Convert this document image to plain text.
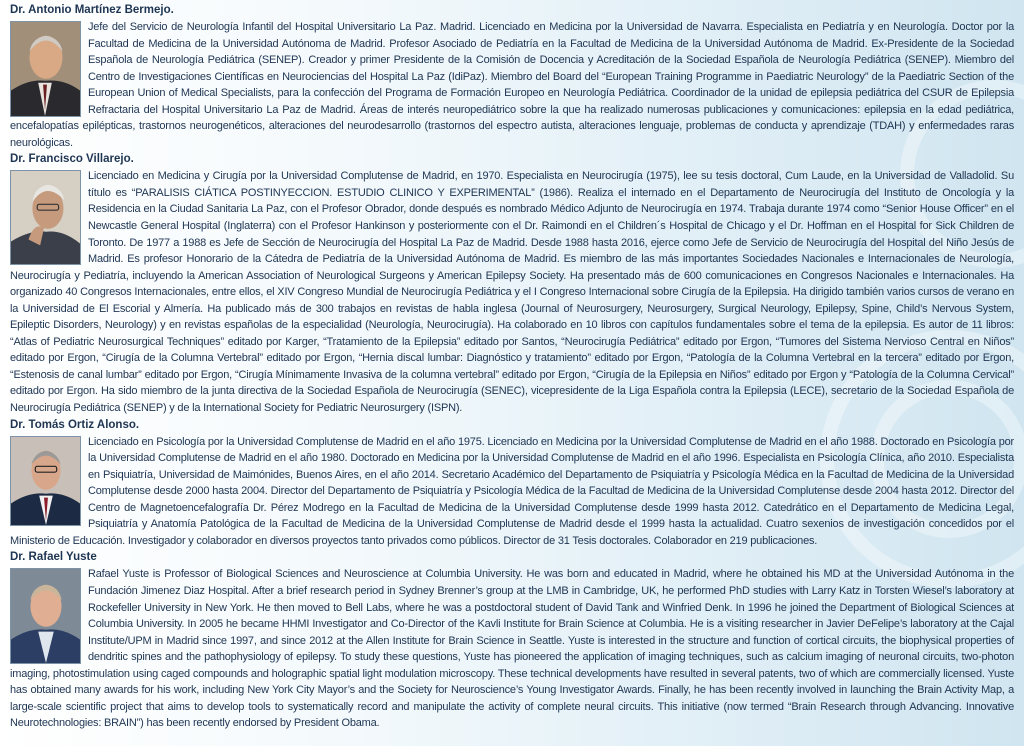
Dr. Antonio Martínez Bermejo.
Jefe del Servicio de Neurología Infantil del Hospital Universitario La Paz. Madrid. Licenciado en Medicina por la Universidad de Navarra. Especialista en Pediatría y en Neurología. Doctor por la Facultad de Medicina de la Universidad Autónoma de Madrid. Profesor Asociado de Pediatría en la Facultad de Medicina de la Universidad Autónoma de Madrid. Ex-Presidente de la Sociedad Española de Neurología Pediátrica (SENEP). Creador y primer Presidente de la Comisión de Docencia y Acreditación de la Sociedad Española de Neurología Pediátrica (SENEP). Miembro del Centro de Investigaciones Científicas en Neurociencias del Hospital La Paz (IdiPaz). Miembro del Board del “European Training Programme in Paediatric Neurology” de la Paediatric Section of the European Union of Medical Specialists, para la confección del Programa de Formación Europeo en Neurología Pediátrica. Coordinador de la unidad de epilepsia pediátrica del CSUR de Epilepsia Refractaria del Hospital Universitario La Paz de Madrid. Áreas de interés neuropediátrico sobre la que ha realizado numerosas publicaciones y comunicaciones: epilepsia en la edad pediátrica, encefalopatías epilépticas, trastornos neurogenéticos, alteraciones del neurodesarrollo (trastornos del espectro autista, alteraciones lenguaje, problemas de conducta y aprendizaje (TDAH) y enfermedades raras neurológicas.
Dr. Francisco Villarejo.
Licenciado en Medicina y Cirugía por la Universidad Complutense de Madrid, en 1970. Especialista en Neurocirugía (1975), lee su tesis doctoral, Cum Laude, en la Universidad de Valladolid. Su título es “PARALISIS CIÁTICA POSTINYECCION. ESTUDIO CLINICO Y EXPERIMENTAL” (1986). Realiza el internado en el Departamento de Neurocirugía del Instituto de Oncología y la Residencia en la Ciudad Sanitaria La Paz, con el Profesor Obrador, donde después es nombrado Médico Adjunto de Neurocirugía en 1974. Trabaja durante 1974 como “Senior House Officer” en el Newcastle General Hospital (Inglaterra) con el Profesor Hankinson y posteriormente con el Dr. Raimondi en el Children´s Hospital de Chicago y el Dr. Hoffman en el Hospital for Sick Children de Toronto. De 1977 a 1988 es Jefe de Sección de Neurocirugía del Hospital La Paz de Madrid. Desde 1988 hasta 2016, ejerce como Jefe de Servicio de Neurocirugía del Hospital del Niño Jesús de Madrid. Es profesor Honorario de la Cátedra de Pediatría de la Universidad Autónoma de Madrid. Es miembro de las más importantes Sociedades Nacionales e Internacionales de Neurología, Neurocirugía y Pediatría, incluyendo la American Association of Neurological Surgeons y American Epilepsy Society. Ha presentado más de 600 comunicaciones en Congresos Nacionales e Internacionales. Ha organizado 40 Congresos Internacionales, entre ellos, el XIV Congreso Mundial de Neurocirugía Pediátrica y el I Congreso Internacional sobre Cirugía de la Epilepsia. Ha dirigido también varios cursos de verano en la Universidad de El Escorial y Almería. Ha publicado más de 300 trabajos en revistas de habla inglesa (Journal of Neurosurgery, Neurosurgery, Surgical Neurology, Epilepsy, Spine, Child’s Nervous System, Epileptic Disorders, Neurology) y en revistas españolas de la especialidad (Neurología, Neurocirugía). Ha colaborado en 10 libros con capítulos fundamentales sobre el tema de la epilepsia. Es autor de 11 libros: “Atlas of Pediatric Neurosurgical Techniques” editado por Karger, “Tratamiento de la Epilepsia” editado por Santos, “Neurocirugía Pediátrica” editado por Ergon, “Tumores del Sistema Nervioso Central en Niños” editado por Ergon, “Cirugía de la Columna Vertebral” editado por Ergon, “Hernia discal lumbar: Diagnóstico y tratamiento” editado por Ergon, “Patología de la Columna Vertebral en la tercera” editado por Ergon, “Estenosis de canal lumbar” editado por Ergon, “Cirugía Mínimamente Invasiva de la columna vertebral” editado por Ergon, “Cirugía de la Epilepsia en Niños” editado por Ergon y “Patología de la Columna Cervical” editado por Ergon. Ha sido miembro de la junta directiva de la Sociedad Española de Neurocirugía (SENEC), vicepresidente de la Liga Española contra la Epilepsia (LECE), secretario de la Sociedad Española de Neurocirugía Pediátrica (SENEP) y de la International Society for Pediatric Neurosurgery (ISPN).
Dr. Tomás Ortiz Alonso.
Licenciado en Psicología por la Universidad Complutense de Madrid en el año 1975. Licenciado en Medicina por la Universidad Complutense de Madrid en el año 1988. Doctorado en Psicología por la Universidad Complutense de Madrid en el año 1980. Doctorado en Medicina por la Universidad Complutense de Madrid en el año 1996. Especialista en Psicología Clínica, año 2010. Especialista en Psiquiatría, Universidad de Maimónides, Buenos Aires, en el año 2014. Secretario Académico del Departamento de Psiquiatría y Psicología Médica en la Facultad de Medicina de la Universidad Complutense desde 2000 hasta 2004. Director del Departamento de Psiquiatría y Psicología Médica de la Facultad de Medicina de la Universidad Complutense desde 2004 hasta 2012. Director del Centro de Magnetoencefalografía Dr. Pérez Modrego en la Facultad de Medicina de la Universidad Complutense desde 1999 hasta 2012. Catedrático en el Departamento de Medicina Legal, Psiquiatría y Anatomía Patológica de la Facultad de Medicina de la Universidad Complutense de Madrid desde el 1999 hasta la actualidad. Cuatro sexenios de investigación concedidos por el Ministerio de Educación. Investigador y colaborador en diversos proyectos tanto privados como públicos. Director de 31 Tesis doctorales. Colaborador en 219 publicaciones.
Dr. Rafael Yuste
Rafael Yuste is Professor of Biological Sciences and Neuroscience at Columbia University. He was born and educated in Madrid, where he obtained his MD at the Universidad Autónoma in the Fundación Jimenez Diaz Hospital. After a brief research period in Sydney Brenner’s group at the LMB in Cambridge, UK, he performed PhD studies with Larry Katz in Torsten Wiesel’s laboratory at Rockefeller University in New York. He then moved to Bell Labs, where he was a postdoctoral student of David Tank and Winfried Denk. In 1996 he joined the Department of Biological Sciences at Columbia University. In 2005 he became HHMI Investigator and Co-Director of the Kavli Institute for Brain Science at Columbia. He is a visiting researcher in Javier DeFelipe’s laboratory at the Cajal Institute/UPM in Madrid since 1997, and since 2012 at the Allen Institute for Brain Science in Seattle. Yuste is interested in the structure and function of cortical circuits, the biophysical properties of dendritic spines and the pathophysiology of epilepsy. To study these questions, Yuste has pioneered the application of imaging techniques, such as calcium imaging of neuronal circuits, two-photon imaging, photostimulation using caged compounds and holographic spatial light modulation microscopy. These technical developments have resulted in several patents, two of which are commercially licensed. Yuste has obtained many awards for his work, including New York City Mayor’s and the Society for Neuroscience’s Young Investigator Awards. Finally, he has been recently involved in launching the Brain Activity Map, a large-scale scientific project that aims to develop tools to systematically record and manipulate the activity of complete neural circuits. This initiative (now termed “Brain Research through Advancing. Innovative Neurotechnologies: BRAIN”) has been recently endorsed by President Obama.
